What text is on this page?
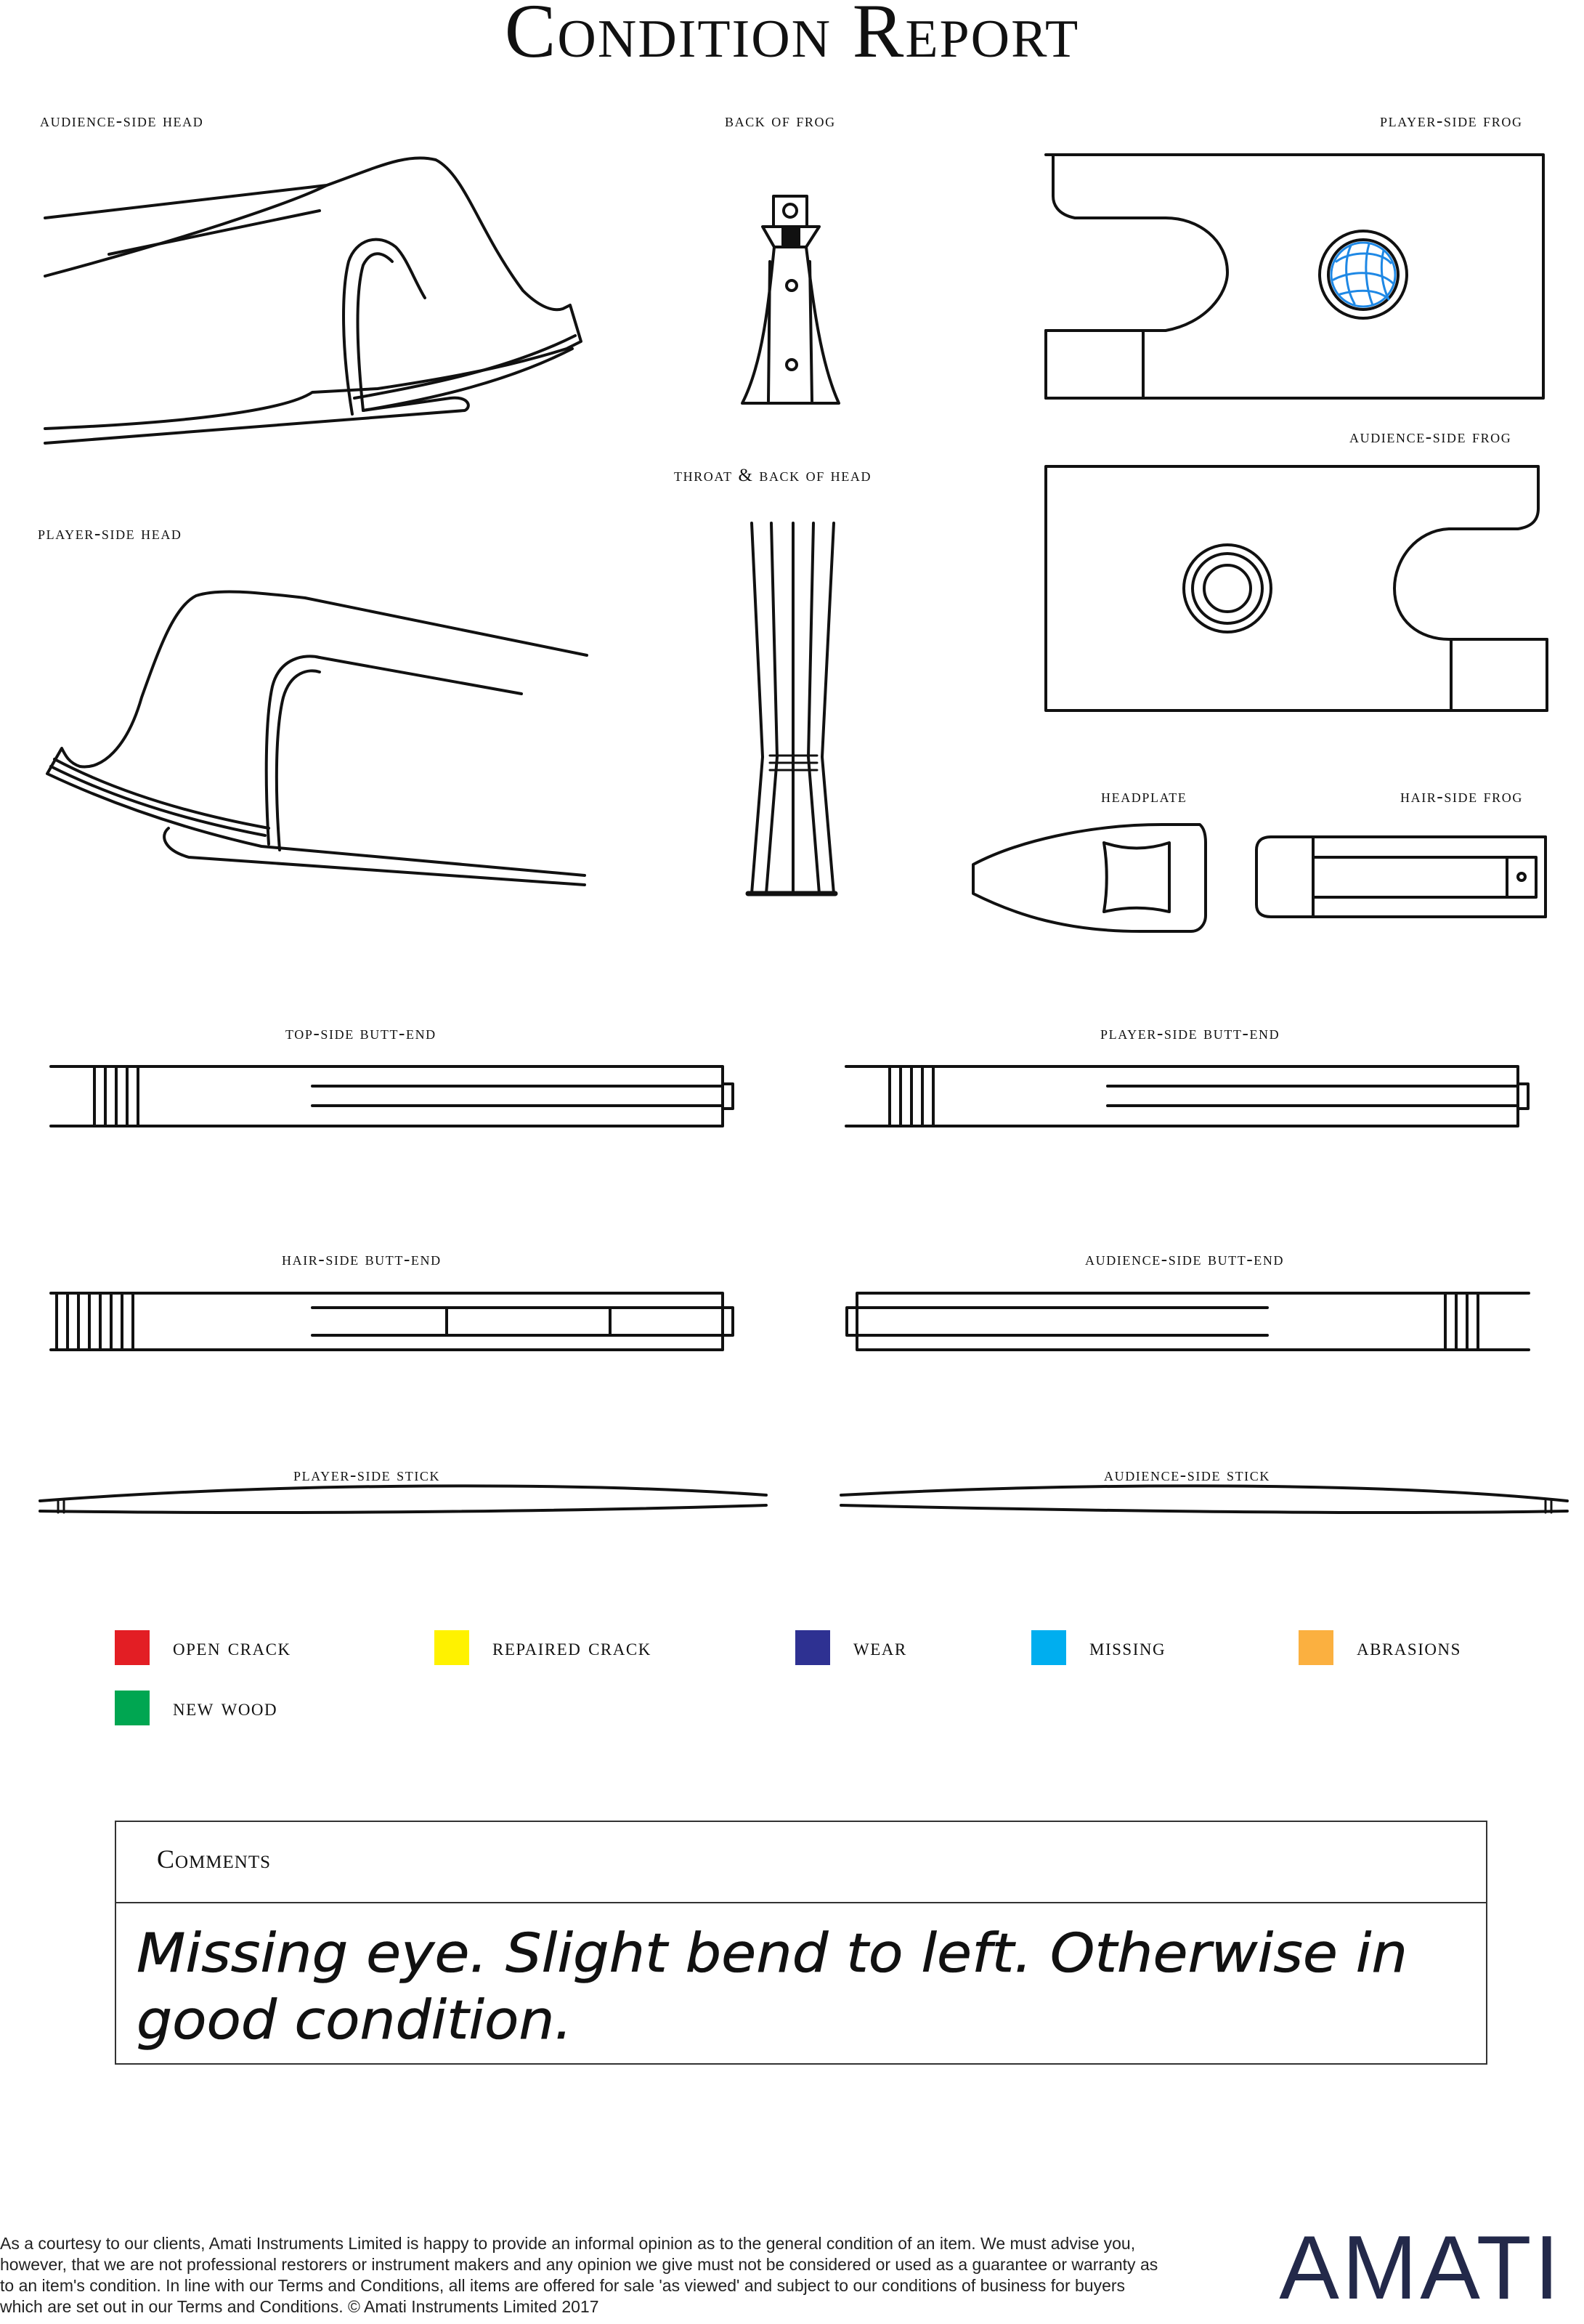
Condition Report
audience-side head	back of frog	player-side frog
throat & back of head
audience-side frog
player-side head
headplate	hair-side frog
top-side butt-end	player-side butt-end
hair-side butt-end	audience-side butt-end
player-side stick	audience-side stick
open crack	repaired crack	wear	missing	abrasions
new wood
Comments
Missing eye. Slight bend to left. Otherwise in
good condition.
As a courtesy to our clients, Amati Instruments Limited is happy to provide an informal opinion as to the general condition of an item. We must advise you, however, that we are not professional restorers or instrument makers and any opinion we give must not be considered or used as a guarantee or warranty as to an item's condition. In line with our Terms and Conditions, all items are offered for sale 'as viewed' and subject to our conditions of business for buyers which are set out in our Terms and Conditions. © Amati Instruments Limited 2017	AMATI
